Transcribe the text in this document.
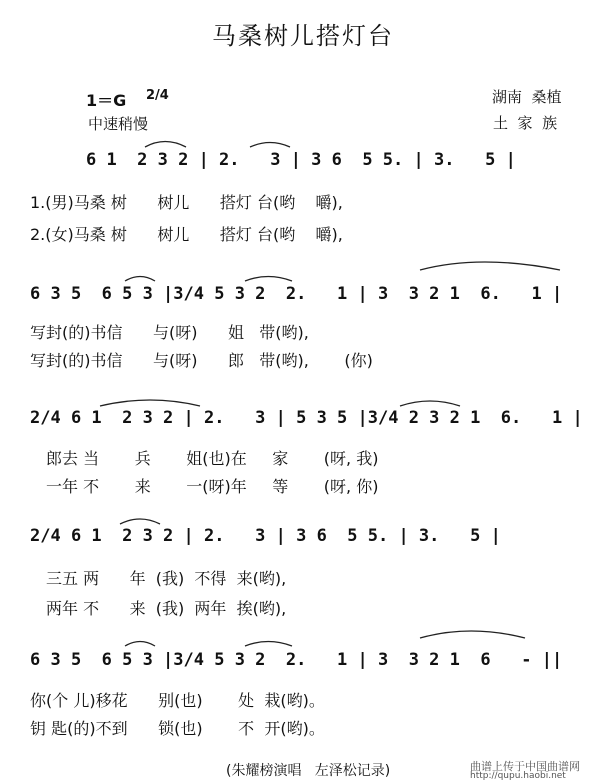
马桑树儿搭灯台
1＝G 2/4
中速稍慢
湖南  桑植
土  家  族
6 1  2 3 2 | 2.   3 | 3 6  5 5. | 3.   5 |
1.(男)马桑 树      树儿      搭灯 台(哟    嚼),
2.(女)马桑 树      树儿      搭灯 台(哟    嚼),
6 3 5  6 5 3 |3/4 5 3 2  2.   1 | 3  3 2 1  6.   1 |
写封(的)书信      与(呀)      姐   带(哟),
写封(的)书信      与(呀)      郎   带(哟),       (你)
2/4 6 1  2 3 2 | 2.   3 | 5 3 5 |3/4 2 3 2 1  6.   1 |
郎去 当       兵       姐(也)在     家       (呀, 我)
一年 不       来       一(呀)年     等       (呀, 你)
2/4 6 1  2 3 2 | 2.   3 | 3 6  5 5. | 3.   5 |
三五 两      年  (我)  不得  来(哟),
两年 不      来  (我)  两年  挨(哟),
6 3 5  6 5 3 |3/4 5 3 2  2.   1 | 3  3 2 1  6   - ||
你(个 儿)移花      别(也)       处  栽(哟)。
钥 匙(的)不到      锁(也)       不  开(哟)。
(朱耀榜演唱   左泽松记录)	曲谱上传于中国曲谱网
http://qupu.haobi.net
